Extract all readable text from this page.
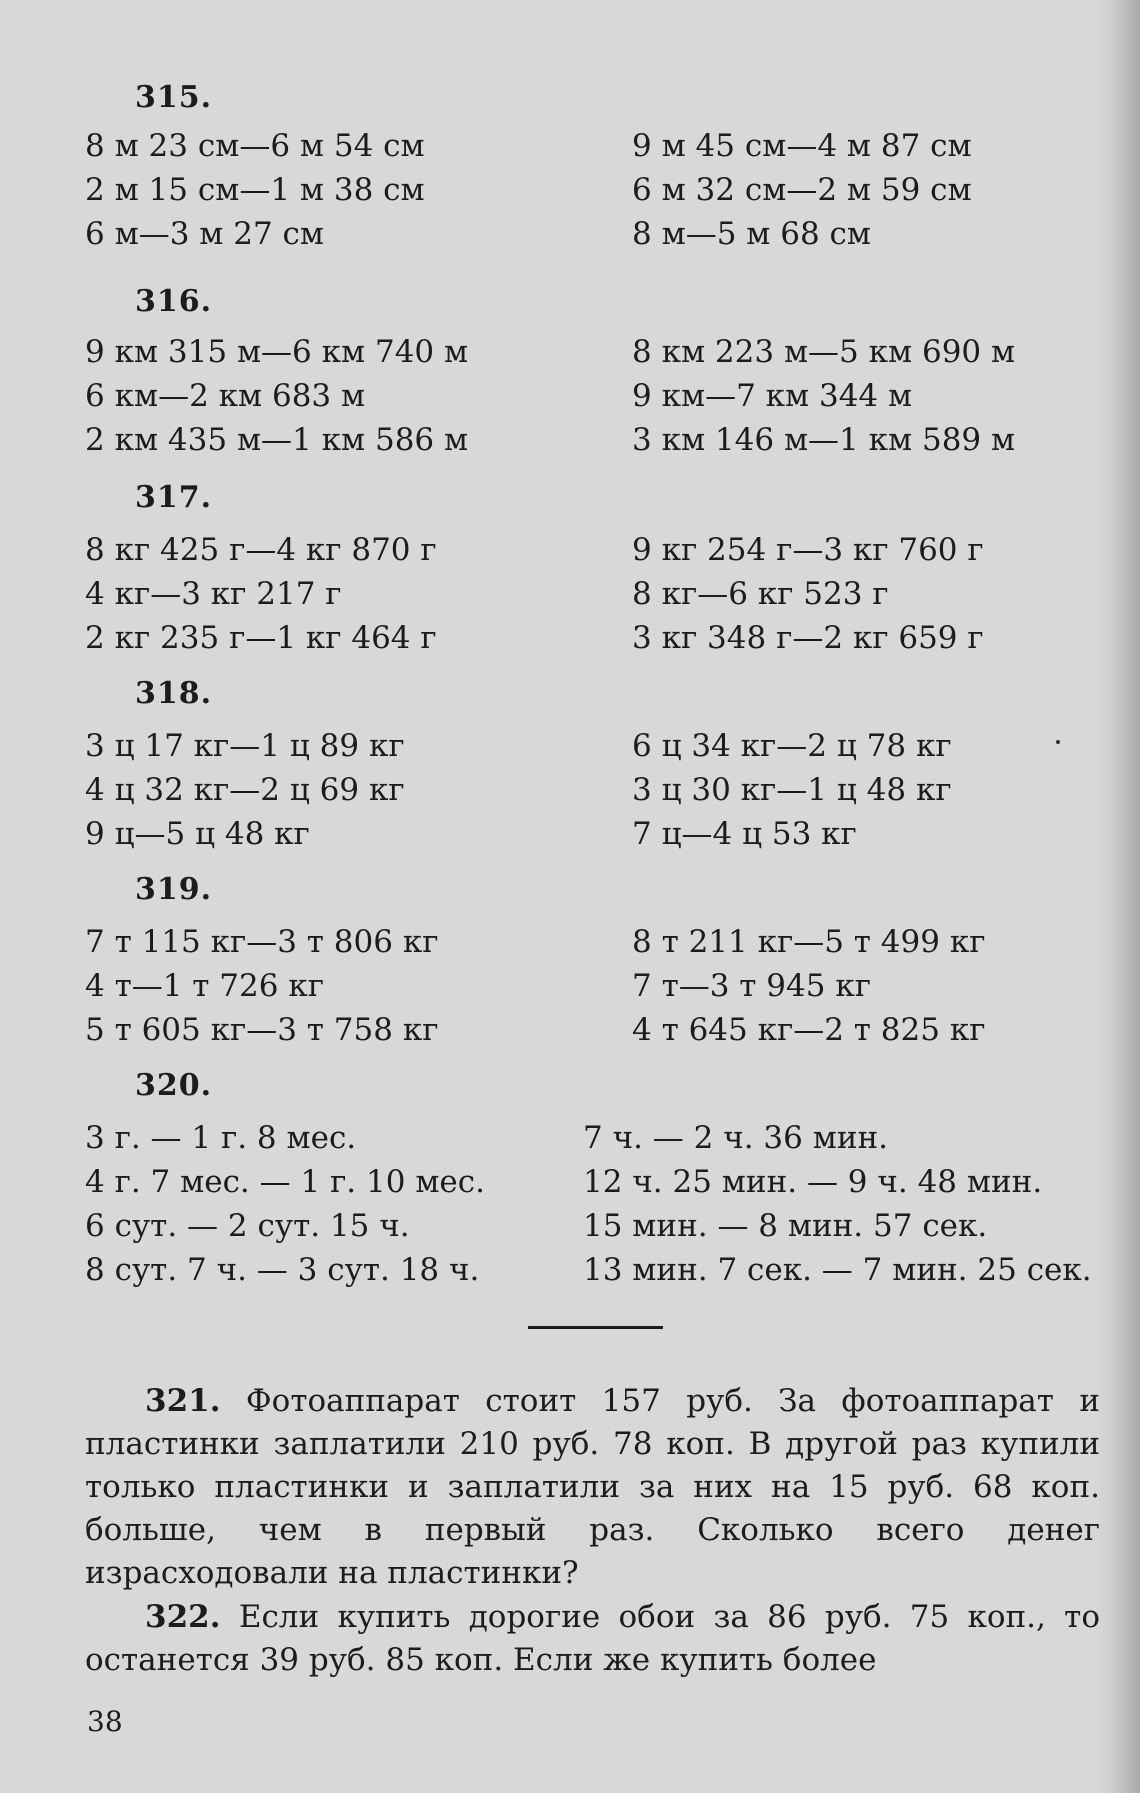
315.
8 м 23 см—6 м 54 см
2 м 15 см—1 м 38 см
6 м—3 м 27 см
9 м 45 см—4 м 87 см
6 м 32 см—2 м 59 см
8 м—5 м 68 см
316.
9 км 315 м—6 км 740 м
6 км—2 км 683 м
2 км 435 м—1 км 586 м
8 км 223 м—5 км 690 м
9 км—7 км 344 м
3 км 146 м—1 км 589 м
317.
8 кг 425 г—4 кг 870 г
4 кг—3 кг 217 г
2 кг 235 г—1 кг 464 г
9 кг 254 г—3 кг 760 г
8 кг—6 кг 523 г
3 кг 348 г—2 кг 659 г
318.
3 ц 17 кг—1 ц 89 кг
4 ц 32 кг—2 ц 69 кг
9 ц—5 ц 48 кг
6 ц 34 кг—2 ц 78 кг
3 ц 30 кг—1 ц 48 кг
7 ц—4 ц 53 кг
319.
7 т 115 кг—3 т 806 кг
4 т—1 т 726 кг
5 т 605 кг—3 т 758 кг
8 т 211 кг—5 т 499 кг
7 т—3 т 945 кг
4 т 645 кг—2 т 825 кг
320.
3 г. — 1 г. 8 мес.
4 г. 7 мес. — 1 г. 10 мес.
6 сут. — 2 сут. 15 ч.
8 сут. 7 ч. — 3 сут. 18 ч.
7 ч. — 2 ч. 36 мин.
12 ч. 25 мин. — 9 ч. 48 мин.
15 мин. — 8 мин. 57 сек.
13 мин. 7 сек. — 7 мин. 25 сек.
321. Фотоаппарат стоит 157 руб. За фотоаппарат и пластинки заплатили 210 руб. 78 коп. В другой раз купили только пластинки и заплатили за них на 15 руб. 68 коп. больше, чем в первый раз. Сколько всего денег израсходовали на пластинки?
322. Если купить дорогие обои за 86 руб. 75 коп., то останется 39 руб. 85 коп. Если же купить более
38
